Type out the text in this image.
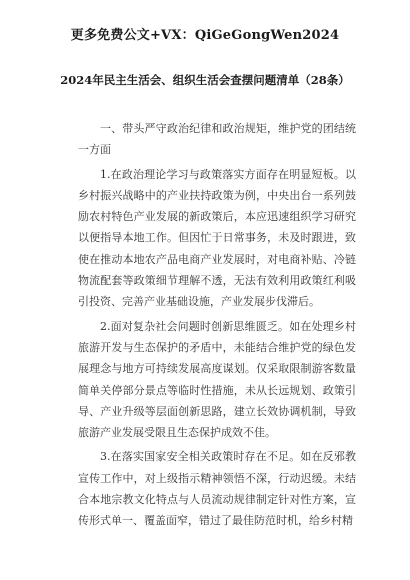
更多免费公文+VX：QiGeGongWen2024
2024年民主生活会、组织生活会查摆问题清单（28条）

一、带头严守政治纪律和政治规矩，维护党的团结统一方面

1.在政治理论学习与政策落实方面存在明显短板。以乡村振兴战略中的产业扶持政策为例，中央出台一系列鼓励农村特色产业发展的新政策后，本应迅速组织学习研究以便指导本地工作。但因忙于日常事务，未及时跟进，致使在推动本地农产品电商产业发展时，对电商补贴、冷链物流配套等政策细节理解不透，无法有效利用政策红利吸引投资、完善产业基础设施，产业发展步伐滞后。

2.面对复杂社会问题时创新思维匮乏。如在处理乡村旅游开发与生态保护的矛盾中，未能结合维护党的绿色发展理念与地方可持续发展高度谋划。仅采取限制游客数量简单关停部分景点等临时性措施，未从长远规划、政策引导、产业升级等层面创新思路，建立长效协调机制，导致旅游产业发展受限且生态保护成效不佳。

3.在落实国家安全相关政策时存在不足。如在反邪教宣传工作中，对上级指示精神领悟不深，行动迟缓。未结合本地宗教文化特点与人员流动规律制定针对性方案，宣传形式单一、覆盖面窄，错过了最佳防范时机，给乡村精
